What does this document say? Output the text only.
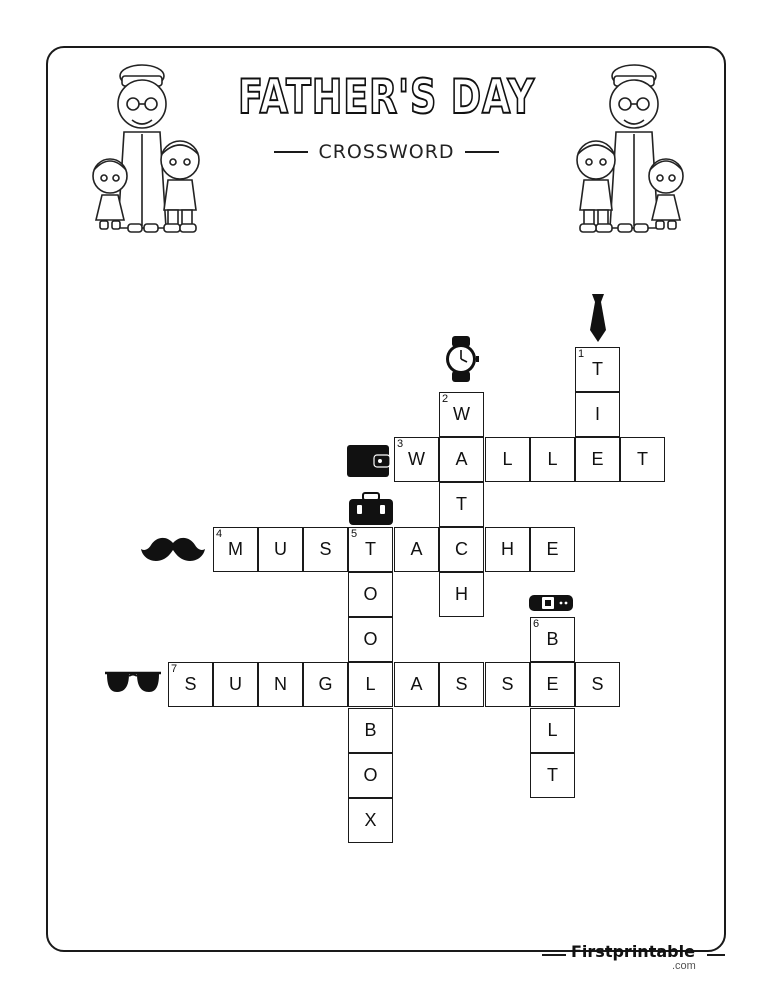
FATHER'S DAY
CROSSWORD
1
T
I
2
W
3
W A L L E T
T
4
M U S
5
T A C H E
O	H
O
6
B
7
S U N G L A S S E S
B	L
O	T
X
Firstprintable
.com
